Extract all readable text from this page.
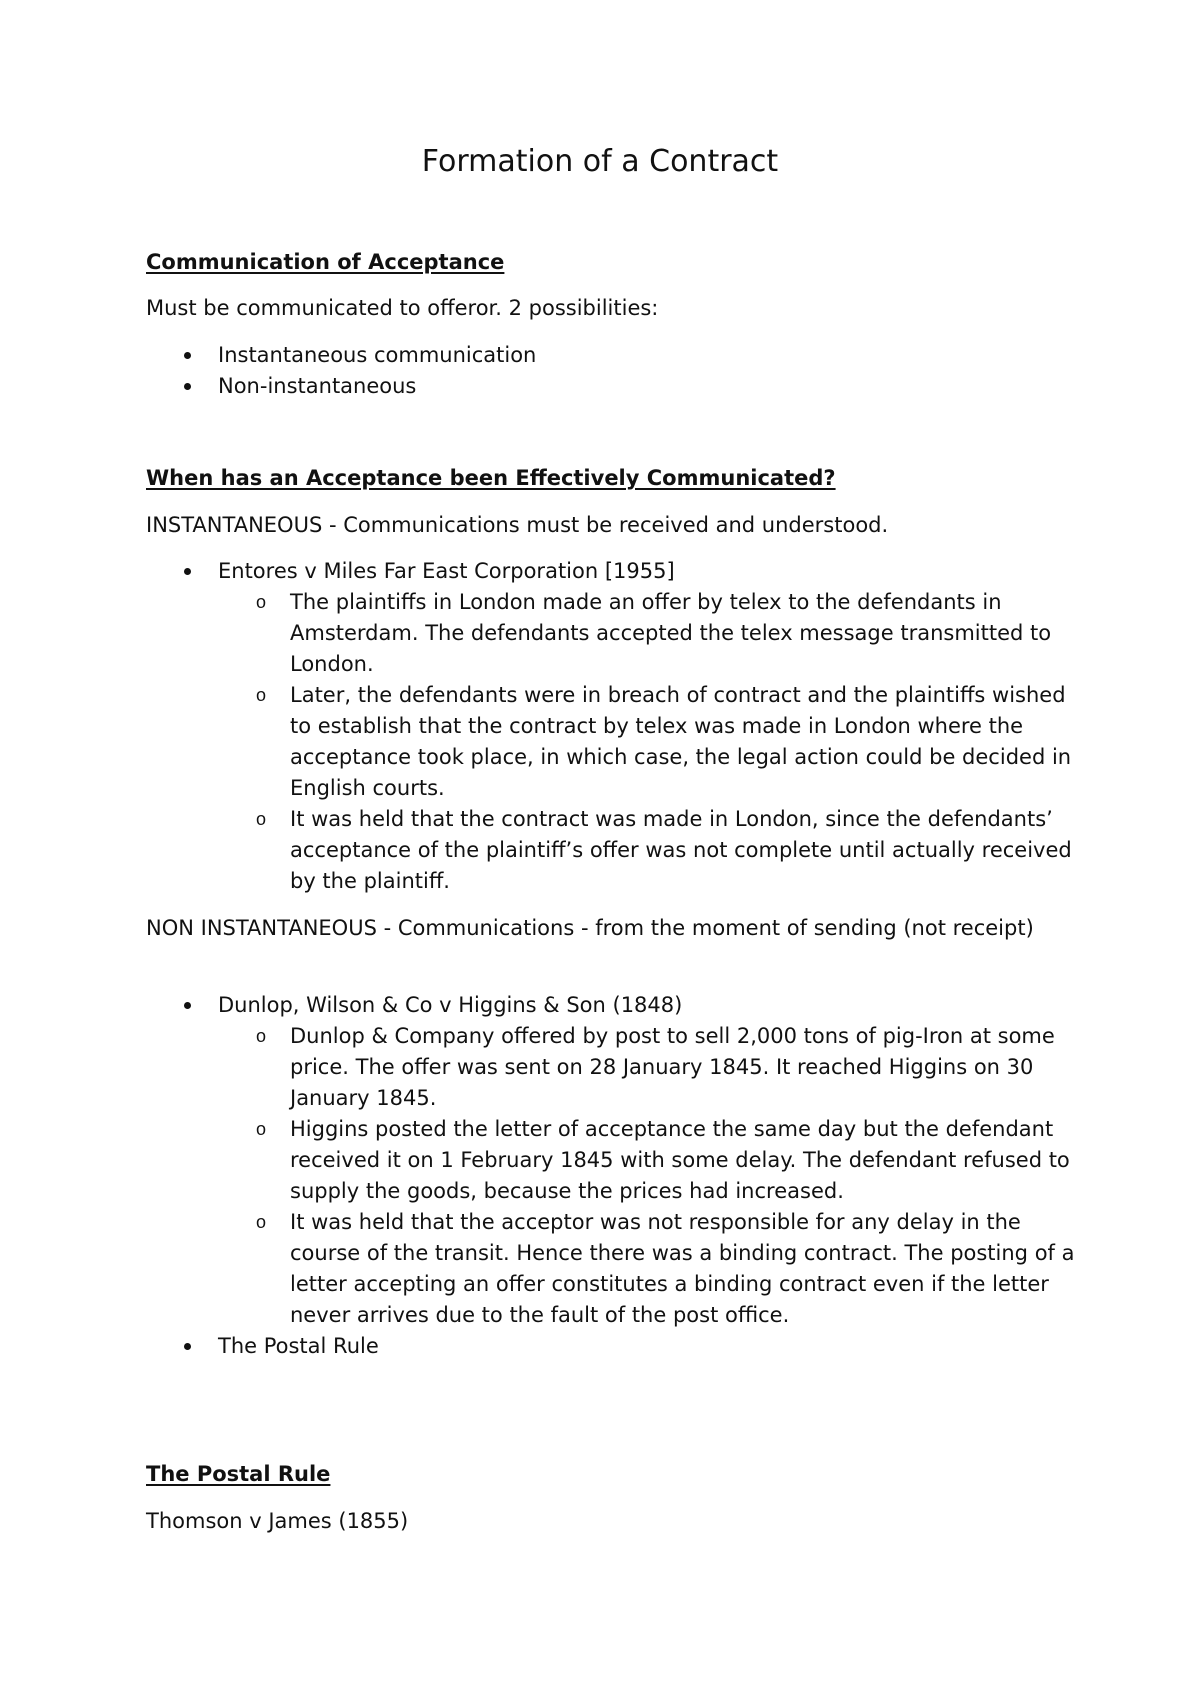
Formation of a Contract
Communication of Acceptance
Must be communicated to offeror. 2 possibilities:
Instantaneous communication
Non-instantaneous
When has an Acceptance been Effectively Communicated?
INSTANTANEOUS - Communications must be received and understood.
Entores v Miles Far East Corporation [1955]
o The plaintiffs in London made an offer by telex to the defendants in Amsterdam. The defendants accepted the telex message transmitted to London.
o Later, the defendants were in breach of contract and the plaintiffs wished to establish that the contract by telex was made in London where the acceptance took place, in which case, the legal action could be decided in English courts.
o It was held that the contract was made in London, since the defendants’ acceptance of the plaintiff’s offer was not complete until actually received by the plaintiff.
NON INSTANTANEOUS - Communications - from the moment of sending (not receipt)
Dunlop, Wilson & Co v Higgins & Son (1848)
o Dunlop & Company offered by post to sell 2,000 tons of pig-Iron at some price. The offer was sent on 28 January 1845. It reached Higgins on 30 January 1845.
o Higgins posted the letter of acceptance the same day but the defendant received it on 1 February 1845 with some delay. The defendant refused to supply the goods, because the prices had increased.
o It was held that the acceptor was not responsible for any delay in the course of the transit. Hence there was a binding contract. The posting of a letter accepting an offer constitutes a binding contract even if the letter never arrives due to the fault of the post office.
The Postal Rule
The Postal Rule
Thomson v James (1855)
